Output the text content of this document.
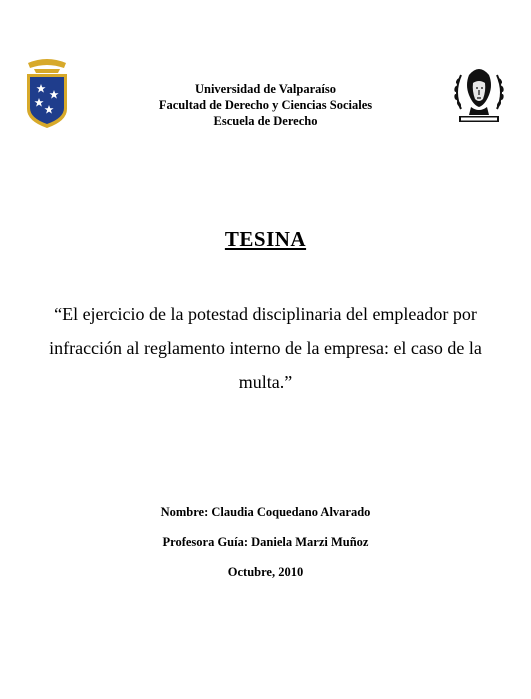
Universidad de Valparaíso
Facultad de Derecho y Ciencias Sociales
Escuela de Derecho
TESINA
“El ejercicio de la potestad disciplinaria del empleador por infracción al reglamento interno de la empresa: el caso de la multa.”
Nombre: Claudia Coquedano Alvarado
Profesora Guía: Daniela Marzi Muñoz
Octubre, 2010
